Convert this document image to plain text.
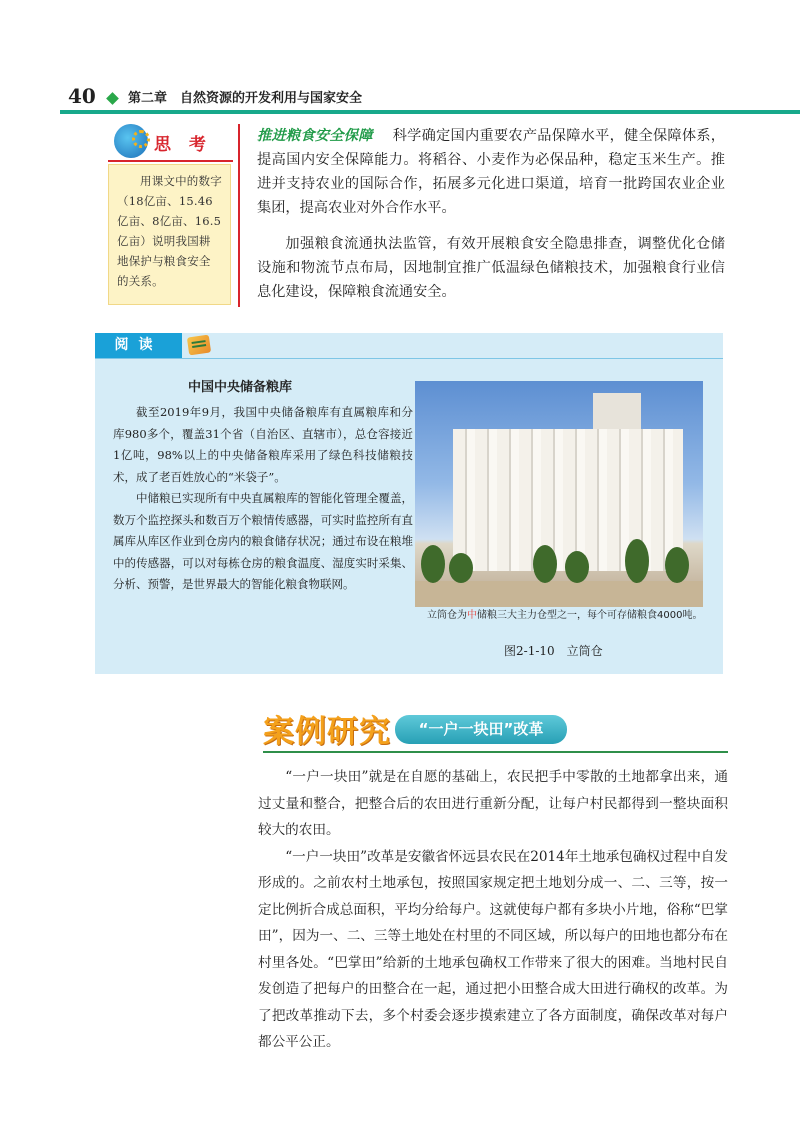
40 第二章　自然资源的开发利用与国家安全
思 考
用课文中的数字（18亿亩、15.46亿亩、8亿亩、16.5亿亩）说明我国耕地保护与粮食安全的关系。

推进粮食安全保障 科学确定国内重要农产品保障水平，健全保障体系，提高国内安全保障能力。将稻谷、小麦作为必保品种，稳定玉米生产。推进并支持农业的国际合作，拓展多元化进口渠道，培育一批跨国农业企业集团，提高农业对外合作水平。

加强粮食流通执法监管，有效开展粮食安全隐患排查，调整优化仓储设施和物流节点布局，因地制宜推广低温绿色储粮技术，加强粮食行业信息化建设，保障粮食流通安全。

阅读
中国中央储备粮库

截至2019年9月，我国中央储备粮库有直属粮库和分库980多个，覆盖31个省（自治区、直辖市），总仓容接近1亿吨，98%以上的中央储备粮库采用了绿色科技储粮技术，成了老百姓放心的“米袋子”。

中储粮已实现所有中央直属粮库的智能化管理全覆盖，数万个监控探头和数百万个粮情传感器，可实时监控所有直属库从库区作业到仓房内的粮食储存状况；通过布设在粮堆中的传感器，可以对每栋仓房的粮食温度、湿度实时采集、分析、预警，是世界最大的智能化粮食物联网。

立筒仓为中储粮三大主力仓型之一，每个可存储粮食4000吨。
图2-1-10　立筒仓
案例研究	“一户一块田”改革

“一户一块田”就是在自愿的基础上，农民把手中零散的土地都拿出来，通过丈量和整合，把整合后的农田进行重新分配，让每户村民都得到一整块面积较大的农田。

“一户一块田”改革是安徽省怀远县农民在2014年土地承包确权过程中自发形成的。之前农村土地承包，按照国家规定把土地划分成一、二、三等，按一定比例折合成总面积，平均分给每户。这就使每户都有多块小片地，俗称“巴掌田”，因为一、二、三等土地处在村里的不同区域，所以每户的田地也都分布在村里各处。“巴掌田”给新的土地承包确权工作带来了很大的困难。当地村民自发创造了把每户的田整合在一起，通过把小田整合成大田进行确权的改革。为了把改革推动下去，多个村委会逐步摸索建立了各方面制度，确保改革对每户都公平公正。
